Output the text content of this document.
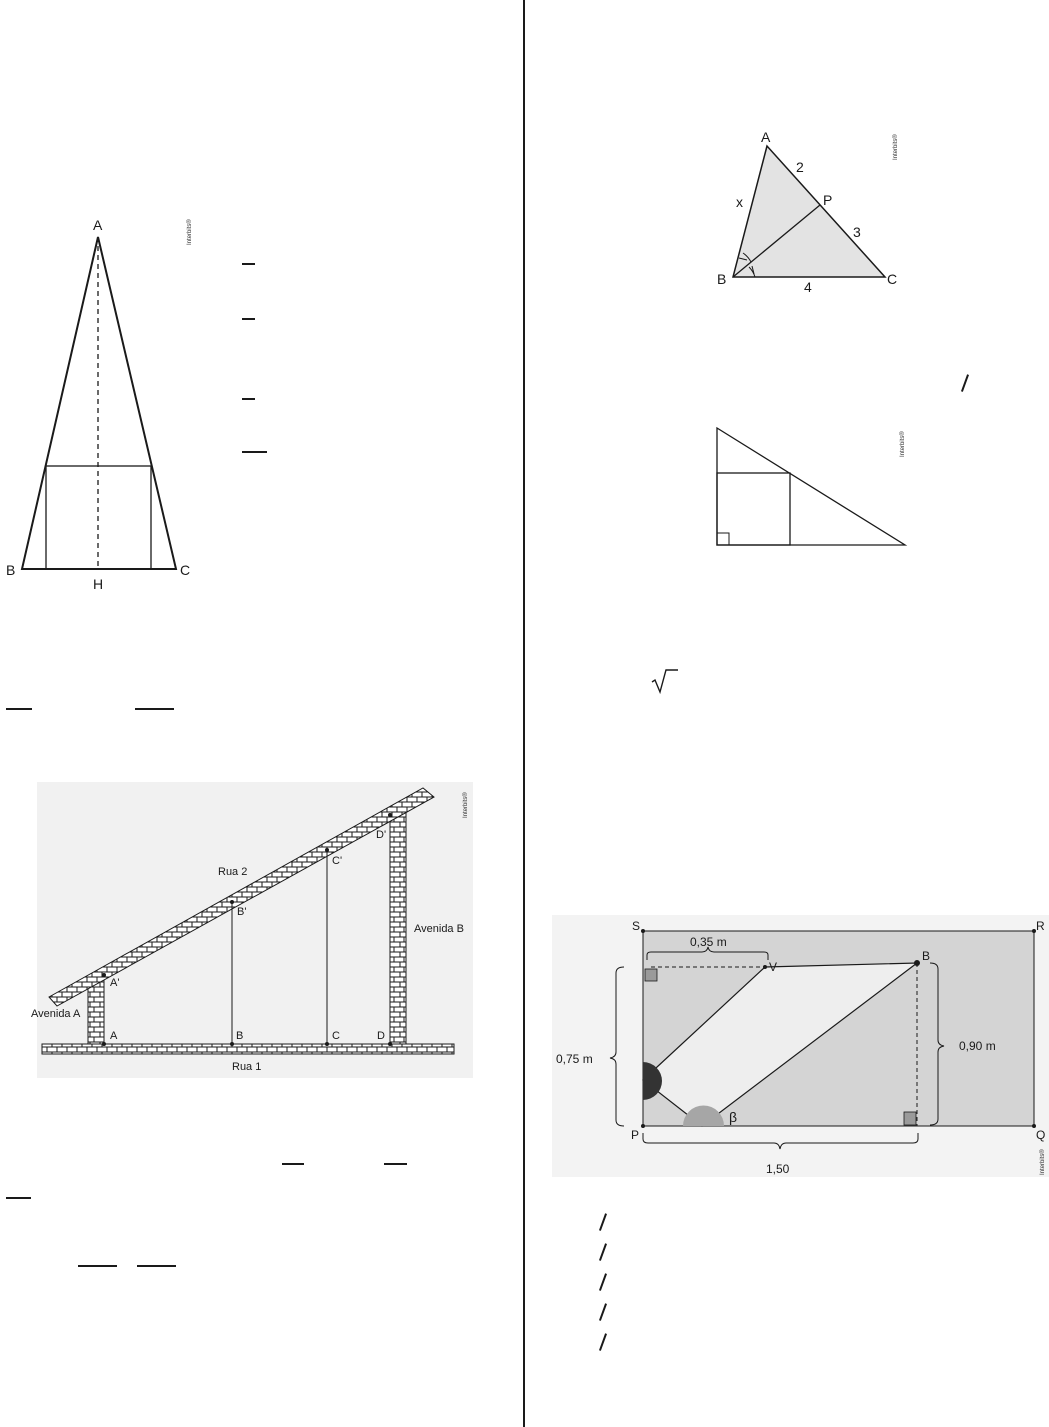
A
B	C
H
Interbits®
A	B	C	D
A'
B'
C'
D'
Rua 2
Rua 1
Avenida A
Avenida B
Interbits®
A
B	C
P
x
2
3
4
Interbits®
Interbits®
S	R
P	Q
V
B
0,35 m
0,75 m
0,90 m
1,50
β
Interbits®
